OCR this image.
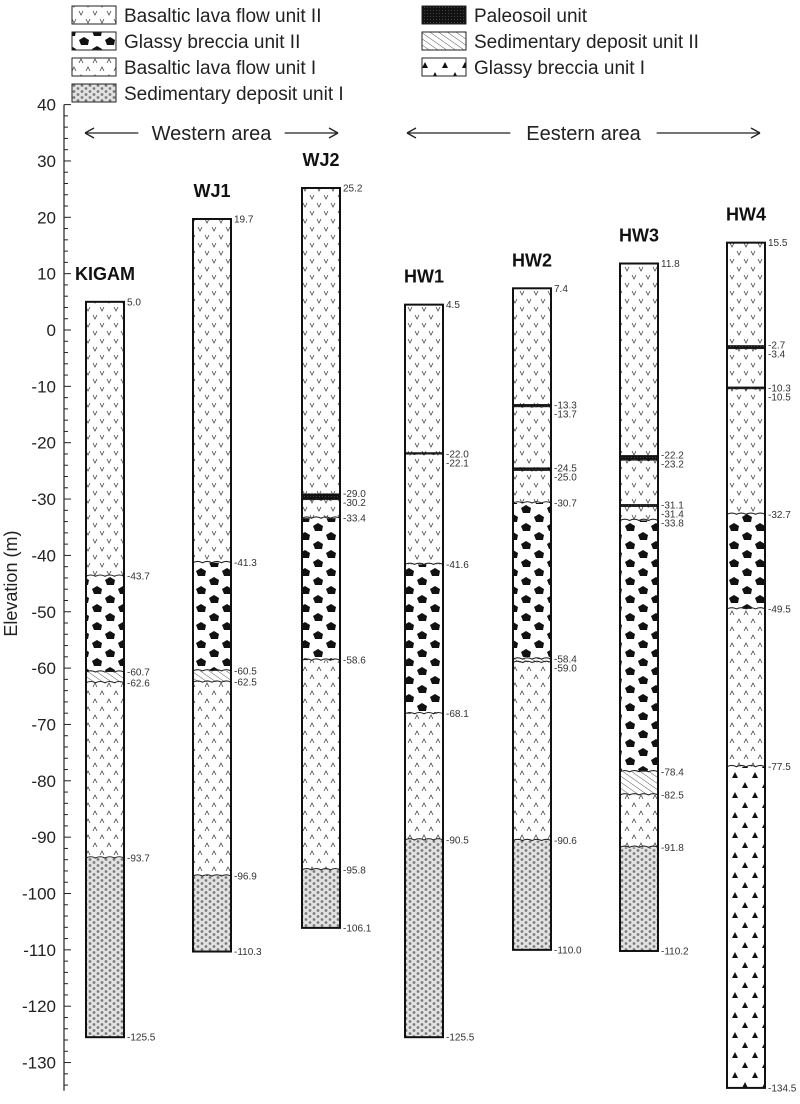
Basaltic lava flow unit II
Glassy breccia unit II
Basaltic lava flow unit I
Sedimentary deposit unit I
Paleosoil unit
Sedimentary deposit unit II
Glassy breccia unit I
40
30
20
10
0
-10
-20
-30
-40
-50
-60
-70
-80
-90
-100
-110
-120
-130
Elevation (m)
Western area	Eestern area
KIGAM
5.0
-43.7
-60.7
-62.6
-93.7
-125.5
WJ1
19.7
-41.3
-60.5
-62.5
-96.9
-110.3
WJ2
25.2
-29.0
-30.2
-33.4
-58.6
-95.8
-106.1
HW1
4.5
-22.0
-22.1
-41.6
-68.1
-90.5
-125.5
HW2
7.4
-13.3
-13.7
-24.5
-25.0
-30.7
-58.4
-59.0
-90.6
-110.0
HW3
11.8
-22.2
-23.2
-31.1
-31.4
-33.8
-78.4
-82.5
-91.8
-110.2
HW4
15.5
-2.7
-3.4
-10.3
-10.5
-32.7
-49.5
-77.5
-134.5
